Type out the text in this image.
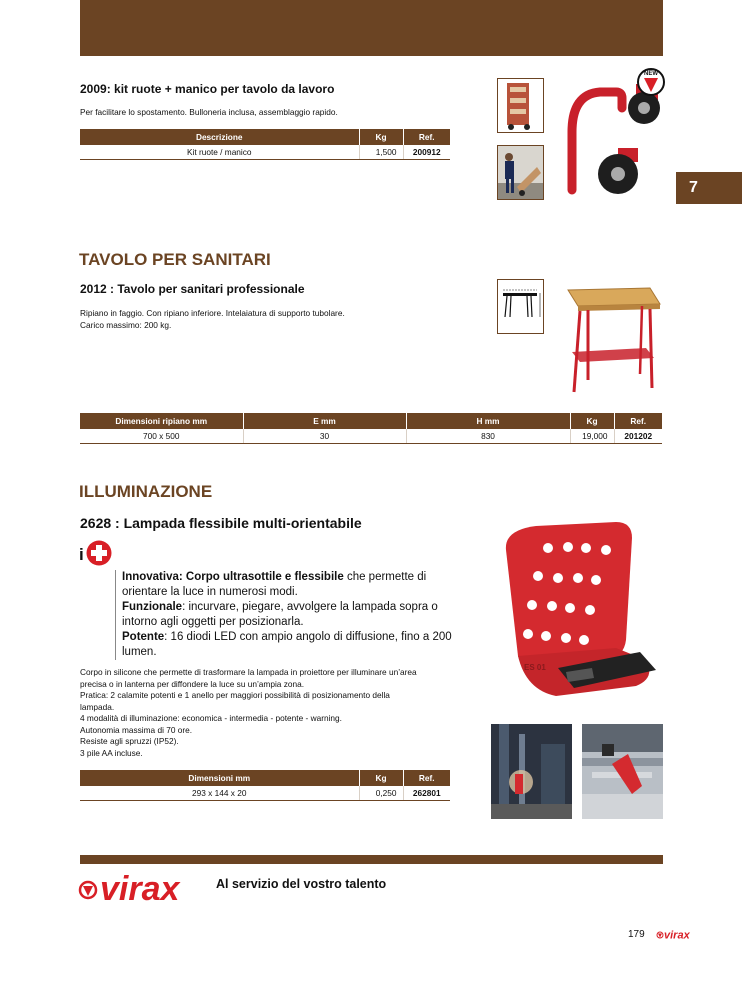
7
2009: kit ruote + manico per tavolo da lavoro
Per facilitare lo spostamento. Bulloneria inclusa, assemblaggio rapido.
Descrizione	Kg	Ref.
Kit ruote / manico	1,500	200912
NEW
TAVOLO PER SANITARI
2012 : Tavolo per sanitari professionale
Ripiano in faggio. Con ripiano inferiore. Intelaiatura di supporto tubolare.
Carico massimo: 200 kg.
Dimensioni ripiano mm	E mm	H mm	Kg	Ref.
700 x 500	30	830	19,000	201202
ILLUMINAZIONE
2628 : Lampada flessibile multi-orientabile
i
Innovativa: Corpo ultrasottile e flessibile che permette di orientare la luce in numerosi modi.
Funzionale: incurvare, piegare, avvolgere la lampada sopra o intorno agli oggetti per posizionarla.
Potente: 16 diodi LED con ampio angolo di diffusione, fino a 200 lumen.
Corpo in silicone che permette di trasformare la lampada in proiettore per illuminare un’area
precisa o in lanterna per diffondere la luce su un’ampia zona.
Pratica: 2 calamite potenti e 1 anello per maggiori possibilità di posizionamento della
lampada.
4 modalità di illuminazione: economica - intermedia - potente - warning.
Autonomia massima di 70 ore.
Resiste agli spruzzi (IP52).
3 pile AA incluse.
Dimensioni mm	Kg	Ref.
293 x 144 x 20	0,250	262801
ES 01
virax	Al servizio del vostro talento
179 virax
